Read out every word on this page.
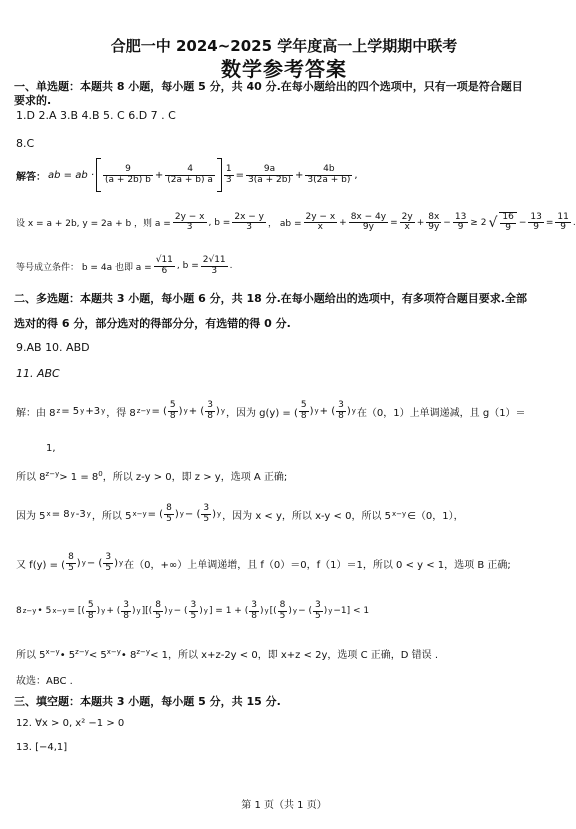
合肥一中 2024~2025 学年度高一上学期期中联考
数学参考答案
一、单选题：本题共 8 小题，每小题 5 分，共 40 分.在每小题给出的四个选项中，只有一项是符合题目
要求的.
1.D 2.A 3.B 4.B 5. C 6.D 7 . C
8.C
解答： ab = ab · $\frac{9}{(a + 2b) b} + \frac{4}{(2a + b) a} \frac{1}{3} = \frac{9a}{3(a + 2b)} + \frac{4b}{3(2a + b)}$ ,
设 x = a + 2b, y = 2a + b ，则 $a = \frac{2y - x}{3}$ , $b = \frac{2x - y}{3}$ ， ab = $\frac{2y - x}{x} + \frac{8x - 4y}{9y} = \frac{2y}{x} + \frac{8x}{9y} - \frac{13}{9} \ge 2$ √ $\frac{16}{9} - \frac{13}{9} = \frac{11}{9}$ .
等号成立条件： b = 4a 也即 $a = \frac{√11}{6}$ , $b = \frac{2√11}{3}$ .
二、多选题：本题共 3 小题，每小题 6 分，共 18 分.在每小题给出的选项中，有多项符合题目要求.全部
选对的得 6 分，部分选对的得部分分，有选错的得 0 分.
9.AB 10. ABD
11. ABC
解：由 8 z = 5 y +3 y ，得 8 z−y = ( $\frac{5}{8}$ ) y + ( $\frac{3}{8}$ ) y ，因为 g(y) = ( $\frac{5}{8}$ ) y + ( $\frac{3}{8}$ ) y 在（0，1）上单调递减，且 g（1）＝
1,
所以 $8^{z-y}> 1 = 8^0$，所以 z-y > 0，即 z > y，选项 A 正确;
因为 5 x = 8 y -3 y ，所以 5 x−y = ( $\frac{8}{5}$ ) y − ( $\frac{3}{5}$ ) y ，因为 x < y，所以 x-y < 0，所以 5 x−y ∈（0，1），
又 f(y) = ( $\frac{8}{5}$ ) y − ( $\frac{3}{5}$ ) y 在（0，+∞）上单调递增，且 f（0）＝0，f（1）＝1，所以 0 < y < 1，选项 B 正确;
8 z−y • 5 x−y = [( $\frac{5}{8}$ ) y + ( $\frac{3}{8}$ ) y ][( $\frac{8}{5}$ ) y − ( $\frac{3}{5}$ ) y ] = 1 + ( $\frac{3}{8}$ ) y [( $\frac{8}{5}$ ) y − ( $\frac{3}{5}$ ) y −1] < 1
所以 $5^{x-y}•$ $5^{z-y}<$ $5^{x-y}•$ $8^{z-y}< 1$，所以 x+z-2y < 0，即 x+z < 2y，选项 C 正确，D 错误 .
故选：ABC .
三、填空题：本题共 3 小题，每小题 5 分，共 15 分.
12. ∀x > 0, x² −1 > 0
13. [−4,1]
第 1 页（共 1 页）
